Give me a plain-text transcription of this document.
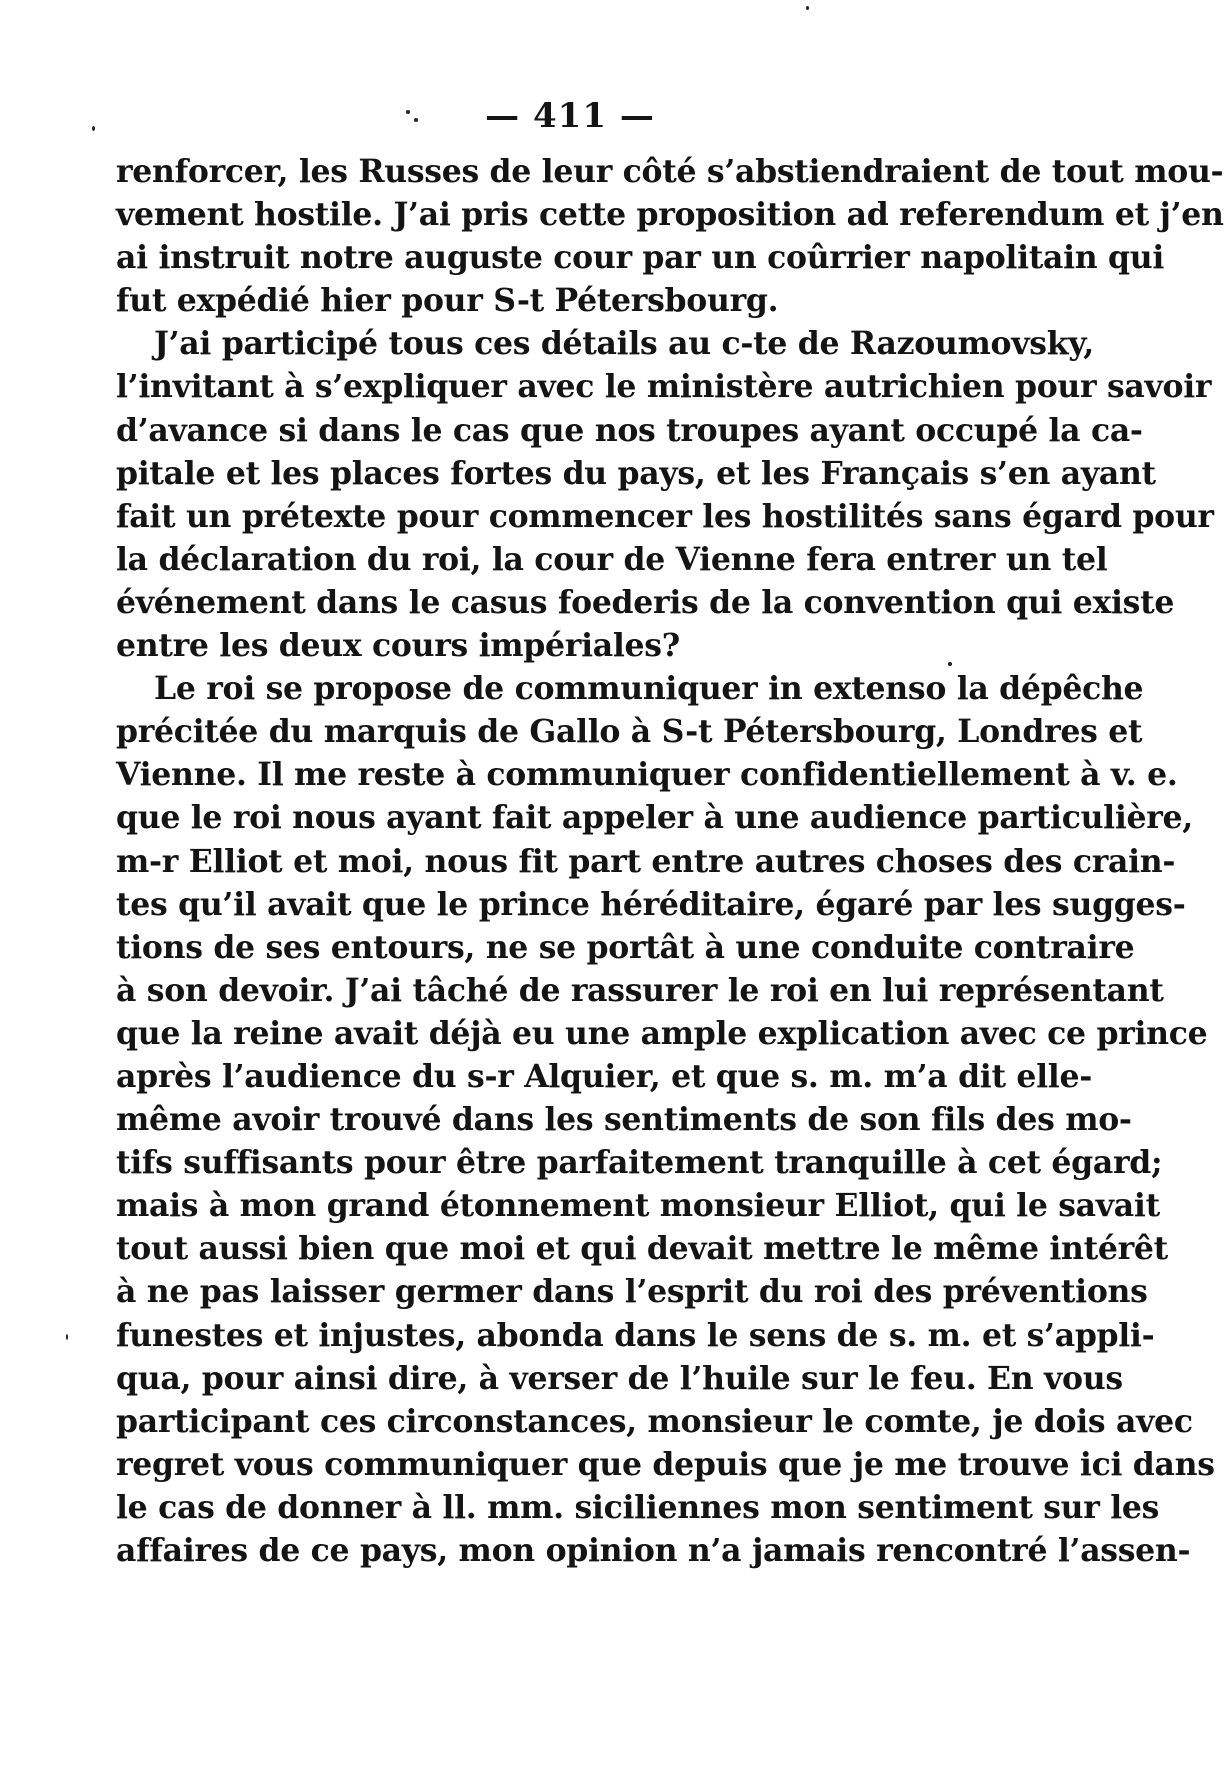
— 411 —
renforcer, les Russes de leur côté s’abstiendraient de tout mou-
vement hostile. J’ai pris cette proposition ad referendum et j’en
ai instruit notre auguste cour par un coûrrier napolitain qui
fut expédié hier pour S-t Pétersbourg.
J’ai participé tous ces détails au c-te de Razoumovsky,
l’invitant à s’expliquer avec le ministère autrichien pour savoir
d’avance si dans le cas que nos troupes ayant occupé la ca-
pitale et les places fortes du pays, et les Français s’en ayant
fait un prétexte pour commencer les hostilités sans égard pour
la déclaration du roi, la cour de Vienne fera entrer un tel
événement dans le casus foederis de la convention qui existe
entre les deux cours impériales?
Le roi se propose de communiquer in extenso la dépêche
précitée du marquis de Gallo à S-t Pétersbourg, Londres et
Vienne. Il me reste à communiquer confidentiellement à v. e.
que le roi nous ayant fait appeler à une audience particulière,
m-r Elliot et moi, nous fit part entre autres choses des crain-
tes qu’il avait que le prince héréditaire, égaré par les sugges-
tions de ses entours, ne se portât à une conduite contraire
à son devoir. J’ai tâché de rassurer le roi en lui représentant
que la reine avait déjà eu une ample explication avec ce prince
après l’audience du s-r Alquier, et que s. m. m’a dit elle-
même avoir trouvé dans les sentiments de son fils des mo-
tifs suffisants pour être parfaitement tranquille à cet égard;
mais à mon grand étonnement monsieur Elliot, qui le savait
tout aussi bien que moi et qui devait mettre le même intérêt
à ne pas laisser germer dans l’esprit du roi des préventions
funestes et injustes, abonda dans le sens de s. m. et s’appli-
qua, pour ainsi dire, à verser de l’huile sur le feu. En vous
participant ces circonstances, monsieur le comte, je dois avec
regret vous communiquer que depuis que je me trouve ici dans
le cas de donner à ll. mm. siciliennes mon sentiment sur les
affaires de ce pays, mon opinion n’a jamais rencontré l’assen-
